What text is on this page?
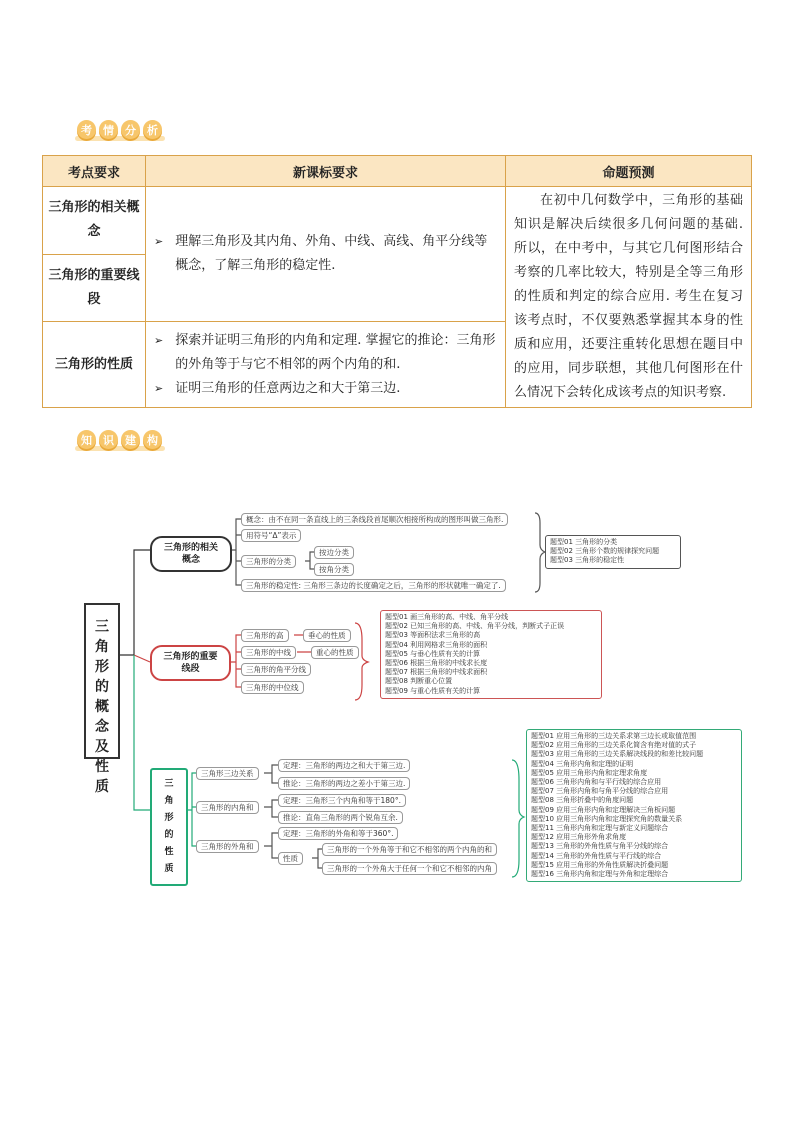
考	情	分	析
考点要求	新课标要求	命题预测
三角形的相关概念	➢ 理解三角形及其内角、外角、中线、高线、角平分线等概念，了解三角形的稳定性.	在初中几何数学中，三角形的基础知识是解决后续很多几何问题的基础. 所以，在中考中，与其它几何图形结合考察的几率比较大，特别是全等三角形的性质和判定的综合应用. 考生在复习该考点时，不仅要熟悉掌握其本身的性质和应用，还要注重转化思想在题目中的应用，同步联想，其他几何图形在什么情况下会转化成该考点的知识考察.
三角形的重要线段		
三角形的性质	➢ 探索并证明三角形的内角和定理. 掌握它的推论：三角形的外角等于与它不相邻的两个内角的和.
➢ 证明三角形的任意两边之和大于第三边.	
知	识	建	构
三角形的概念及性质
三角形的相关概念
概念：由不在同一条直线上的三条线段首尾顺次相接所构成的图形叫做三角形.
用符号“Δ”表示
三角形的分类
按边分类
按角分类
三角形的稳定性: 三角形三条边的长度确定之后，三角形的形状就唯一确定了.
题型01 三角形的分类
题型02 三角形个数的规律探究问题
题型03 三角形的稳定性
三角形的重要线段
三角形的高	垂心的性质
三角形的中线	重心的性质
三角形的角平分线
三角形的中位线
题型01 画三角形的高、中线、角平分线
题型02 已知三角形的高、中线、角平分线，判断式子正误
题型03 等面积法求三角形的高
题型04 利用网格求三角形的面积
题型05 与垂心性质有关的计算
题型06 根据三角形的中线求长度
题型07 根据三角形的中线求面积
题型08 判断重心位置
题型09 与重心性质有关的计算
三角形的性质
三角形三边关系
定理：三角形的两边之和大于第三边.
推论：三角形的两边之差小于第三边.
三角形的内角和
定理：三角形三个内角和等于180°.
推论：直角三角形的两个锐角互余.
三角形的外角和
定理：三角形的外角和等于360°.
性质
三角形的一个外角等于和它不相邻的两个内角的和
三角形的一个外角大于任何一个和它不相邻的内角
题型01 应用三角形的三边关系求第三边长或取值范围
题型02 应用三角形的三边关系化简含有绝对值的式子
题型03 应用三角形的三边关系解决线段的和差比较问题
题型04 三角形内角和定理的证明
题型05 应用三角形内角和定理求角度
题型06 三角形内角和与平行线的综合应用
题型07 三角形内角和与角平分线的综合应用
题型08 三角形折叠中的角度问题
题型09 应用三角形内角和定理解决三角板问题
题型10 应用三角形内角和定理探究角的数量关系
题型11 三角形内角和定理与新定义问题综合
题型12 应用三角形外角求角度
题型13 三角形的外角性质与角平分线的综合
题型14 三角形的外角性质与平行线的综合
题型15 应用三角形的外角性质解决折叠问题
题型16 三角形内角和定理与外角和定理综合
